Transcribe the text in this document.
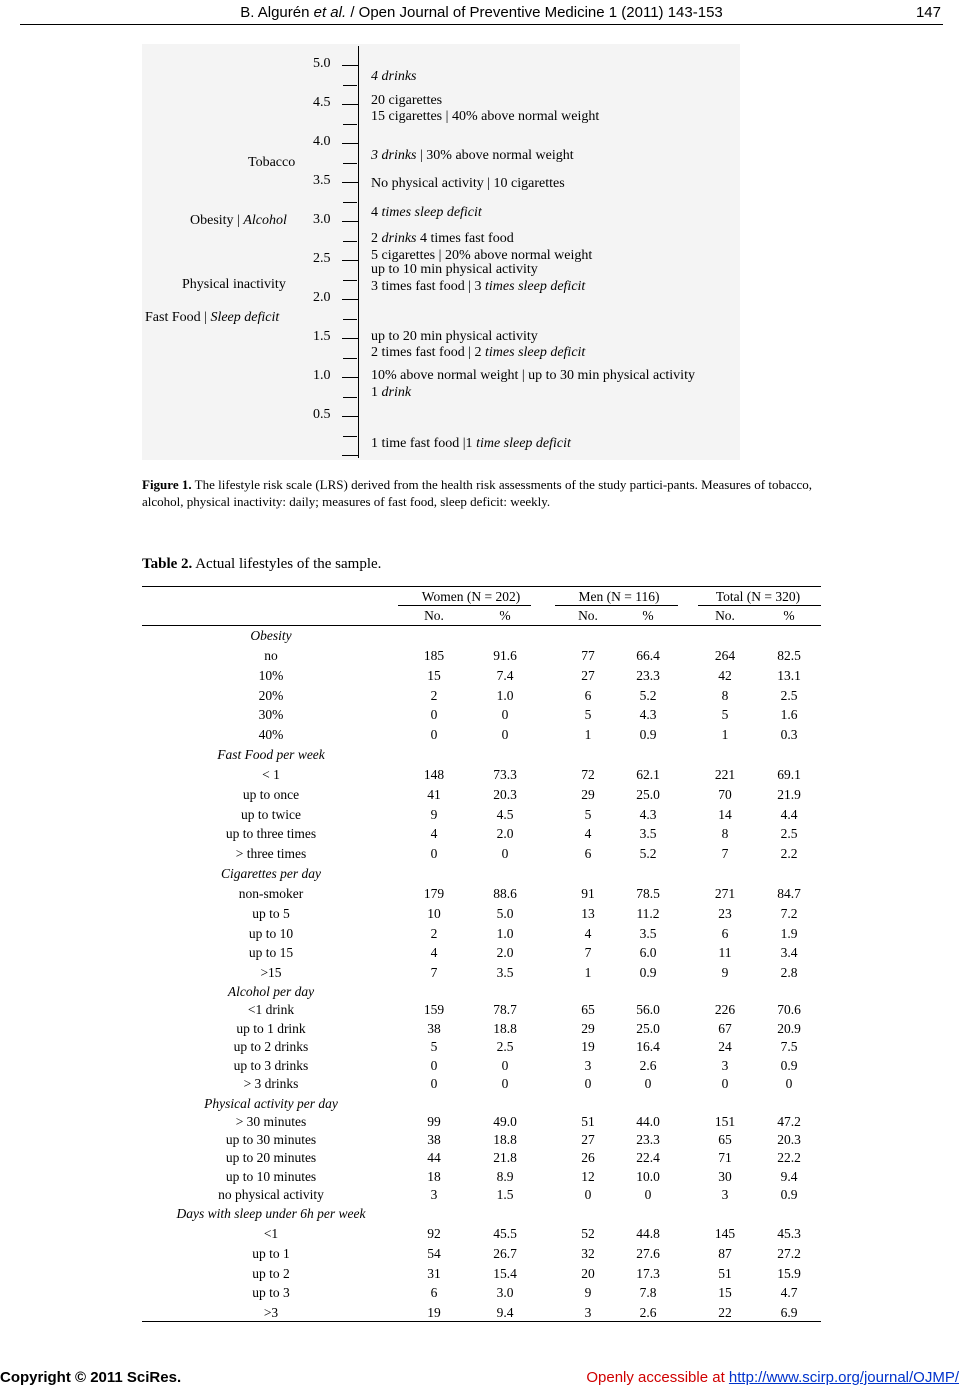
B. Algurén et al. / Open Journal of Preventive Medicine 1 (2011) 143-153	147
5.0
4.5
4.0
3.5
3.0
2.5
2.0
1.5
1.0
0.5
Tobacco
Obesity | Alcohol
Physical inactivity
Fast Food | Sleep deficit
4 drinks
20 cigarettes
15 cigarettes | 40% above normal weight
3 drinks | 30% above normal weight
No physical activity | 10 cigarettes
4 times sleep deficit
2 drinks 4 times fast food
5 cigarettes | 20% above normal weight
up to 10 min physical activity
3 times fast food | 3 times sleep deficit
up to 20 min physical activity
2 times fast food | 2 times sleep deficit
10% above normal weight | up to 30 min physical activity
1 drink
1 time fast food |1 time sleep deficit
Figure 1. The lifestyle risk scale (LRS) derived from the health risk assessments of the study partici-pants. Measures of tobacco, alcohol, physical inactivity: daily; measures of fast food, sleep deficit: weekly.
Table 2. Actual lifestyles of the sample.
Women (N = 202)	Men (N = 116)	Total (N = 320)
No.	%	No.	%	No.	%
Obesity
no	185	91.6	77	66.4	264	82.5
10%	15	7.4	27	23.3	42	13.1
20%	2	1.0	6	5.2	8	2.5
30%	0	0	5	4.3	5	1.6
40%	0	0	1	0.9	1	0.3
Fast Food per week
< 1	148	73.3	72	62.1	221	69.1
up to once	41	20.3	29	25.0	70	21.9
up to twice	9	4.5	5	4.3	14	4.4
up to three times	4	2.0	4	3.5	8	2.5
> three times	0	0	6	5.2	7	2.2
Cigarettes per day
non-smoker	179	88.6	91	78.5	271	84.7
up to 5	10	5.0	13	11.2	23	7.2
up to 10	2	1.0	4	3.5	6	1.9
up to 15	4	2.0	7	6.0	11	3.4
>15	7	3.5	1	0.9	9	2.8
Alcohol per day
<1 drink	159	78.7	65	56.0	226	70.6
up to 1 drink	38	18.8	29	25.0	67	20.9
up to 2 drinks	5	2.5	19	16.4	24	7.5
up to 3 drinks	0	0	3	2.6	3	0.9
> 3 drinks	0	0	0	0	0	0
Physical activity per day
> 30 minutes	99	49.0	51	44.0	151	47.2
up to 30 minutes	38	18.8	27	23.3	65	20.3
up to 20 minutes	44	21.8	26	22.4	71	22.2
up to 10 minutes	18	8.9	12	10.0	30	9.4
no physical activity	3	1.5	0	0	3	0.9
Days with sleep under 6h per week
<1	92	45.5	52	44.8	145	45.3
up to 1	54	26.7	32	27.6	87	27.2
up to 2	31	15.4	20	17.3	51	15.9
up to 3	6	3.0	9	7.8	15	4.7
>3	19	9.4	3	2.6	22	6.9
Copyright © 2011 SciRes.	Openly accessible at http://www.scirp.org/journal/OJMP/
